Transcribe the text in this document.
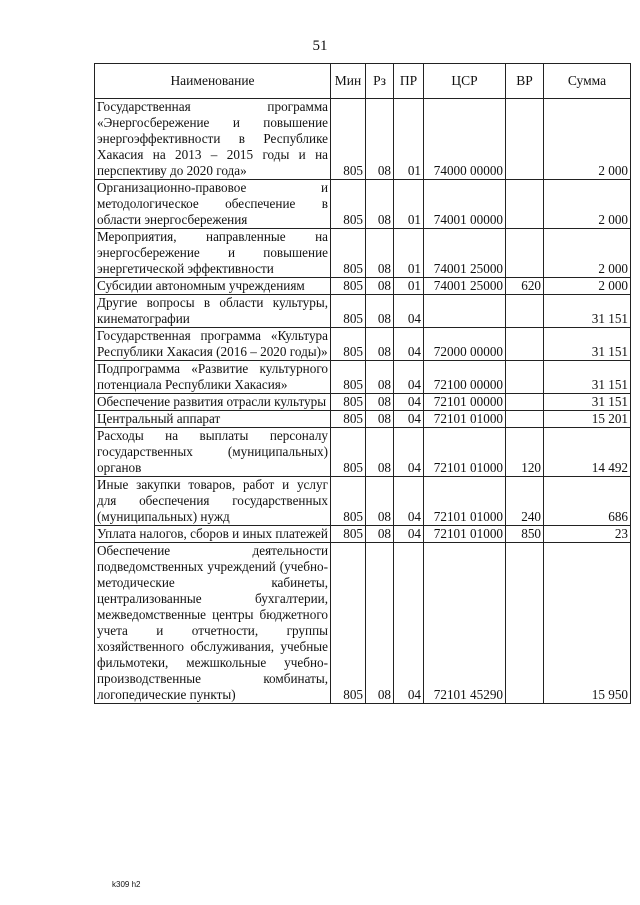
51
Наименование	Мин	Рз	ПР	ЦСР	ВР	Сумма
Государственная программа «Энергосбережение и повышение энергоэффективности в Республике Хакасия на 2013 – 2015 годы и на перспективу до 2020 года»	805	08	01	74000 00000		2 000
Организационно-правовое и методологическое обеспечение в области энергосбережения	805	08	01	74001 00000		2 000
Мероприятия, направленные на энергосбережение и повышение энергетической эффективности	805	08	01	74001 25000		2 000
Субсидии автономным учреждениям	805	08	01	74001 25000	620	2 000
Другие вопросы в области культуры, кинематографии	805	08	04			31 151
Государственная программа «Культура Республики Хакасия (2016 – 2020 годы)»	805	08	04	72000 00000		31 151
Подпрограмма «Развитие культурного потенциала Республики Хакасия»	805	08	04	72100 00000		31 151
Обеспечение развития отрасли культуры	805	08	04	72101 00000		31 151
Центральный аппарат	805	08	04	72101 01000		15 201
Расходы на выплаты персоналу государственных (муниципальных) органов	805	08	04	72101 01000	120	14 492
Иные закупки товаров, работ и услуг для обеспечения государственных (муниципальных) нужд	805	08	04	72101 01000	240	686
Уплата налогов, сборов и иных платежей	805	08	04	72101 01000	850	23
Обеспечение деятельности подведомственных учреждений (учебно-методические кабинеты, централизованные бухгалтерии, межведомственные центры бюджетного учета и отчетности, группы хозяйственного обслуживания, учебные фильмотеки, межшкольные учебно-производственные комбинаты, логопедические пункты)	805	08	04	72101 45290		15 950
k309 h2
